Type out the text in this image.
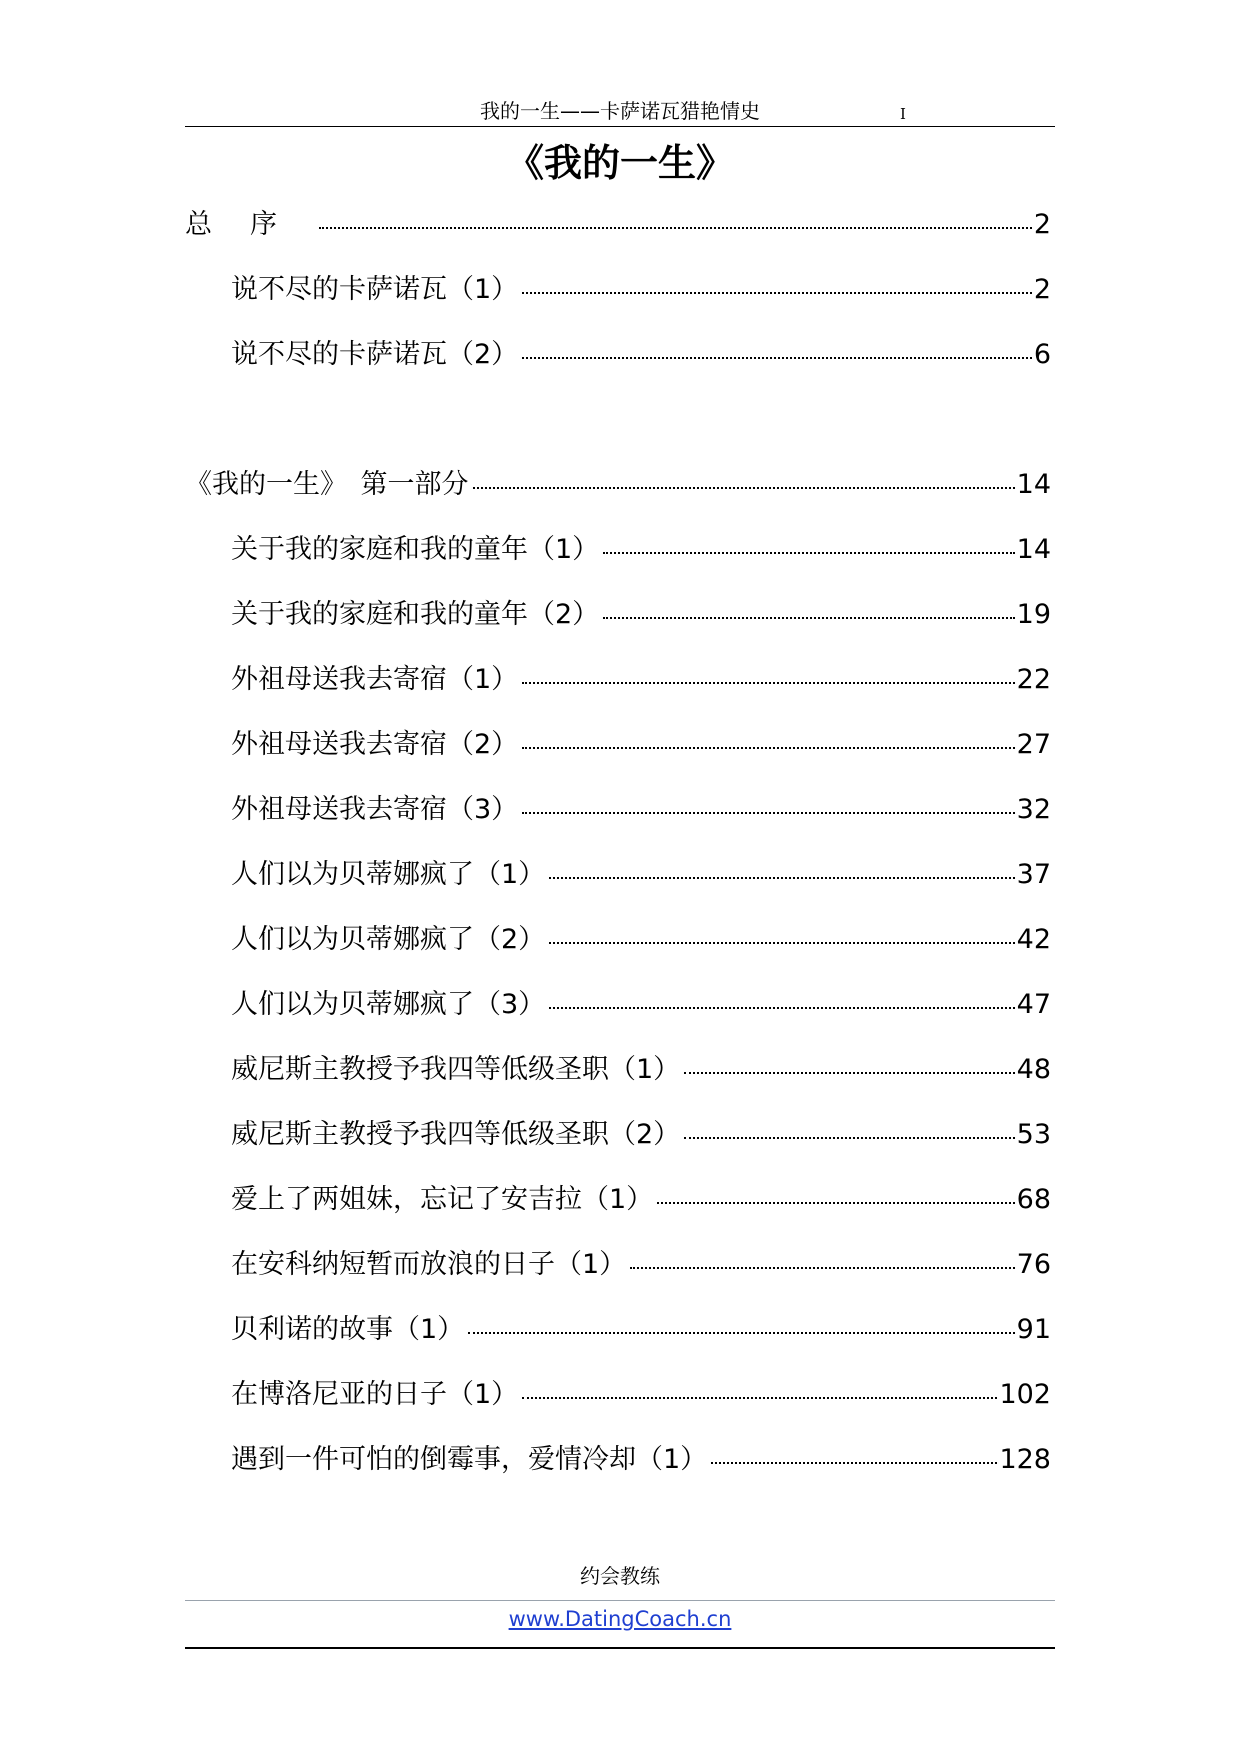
我的一生——卡萨诺瓦猎艳情史	I
《我的一生》
总序	2
说不尽的卡萨诺瓦（1）	2
说不尽的卡萨诺瓦（2）	6
《我的一生》　第一部分	14
关于我的家庭和我的童年（1）	14
关于我的家庭和我的童年（2）	19
外祖母送我去寄宿（1）	22
外祖母送我去寄宿（2）	27
外祖母送我去寄宿（3）	32
人们以为贝蒂娜疯了（1）	37
人们以为贝蒂娜疯了（2）	42
人们以为贝蒂娜疯了（3）	47
威尼斯主教授予我四等低级圣职（1）	48
威尼斯主教授予我四等低级圣职（2）	53
爱上了两姐妹，忘记了安吉拉（1）	68
在安科纳短暂而放浪的日子（1）	76
贝利诺的故事（1）	91
在博洛尼亚的日子（1）	102
遇到一件可怕的倒霉事，爱情冷却（1）	128
约会教练
www.DatingCoach.cn
